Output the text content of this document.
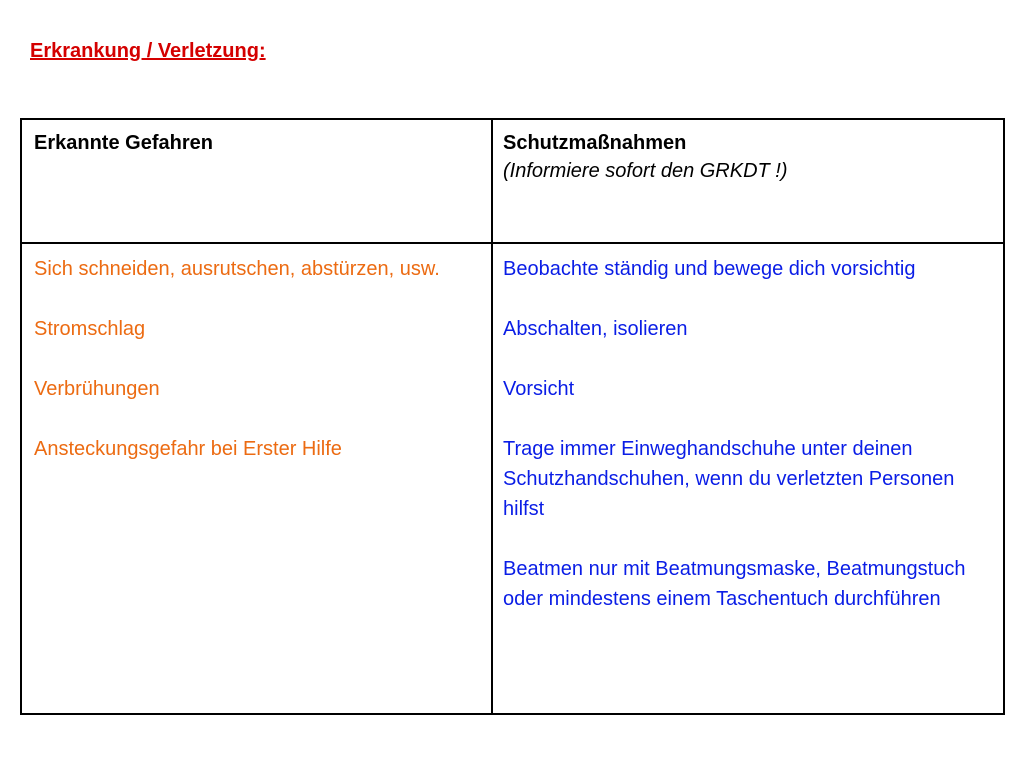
Erkrankung / Verletzung:
Erkannte Gefahren	Schutzmaßnahmen
(Informiere sofort den GRKDT !)

Sich schneiden, ausrutschen, abstürzen, usw.

Stromschlag

Verbrühungen

Ansteckungsgefahr bei Erster Hilfe

Beobachte ständig und bewege dich vorsichtig

Abschalten, isolieren

Vorsicht

Trage immer Einweghandschuhe unter deinen Schutzhandschuhen, wenn du verletzten Personen hilfst

Beatmen nur mit Beatmungsmaske, Beatmungstuch oder mindestens einem Taschentuch durchführen
